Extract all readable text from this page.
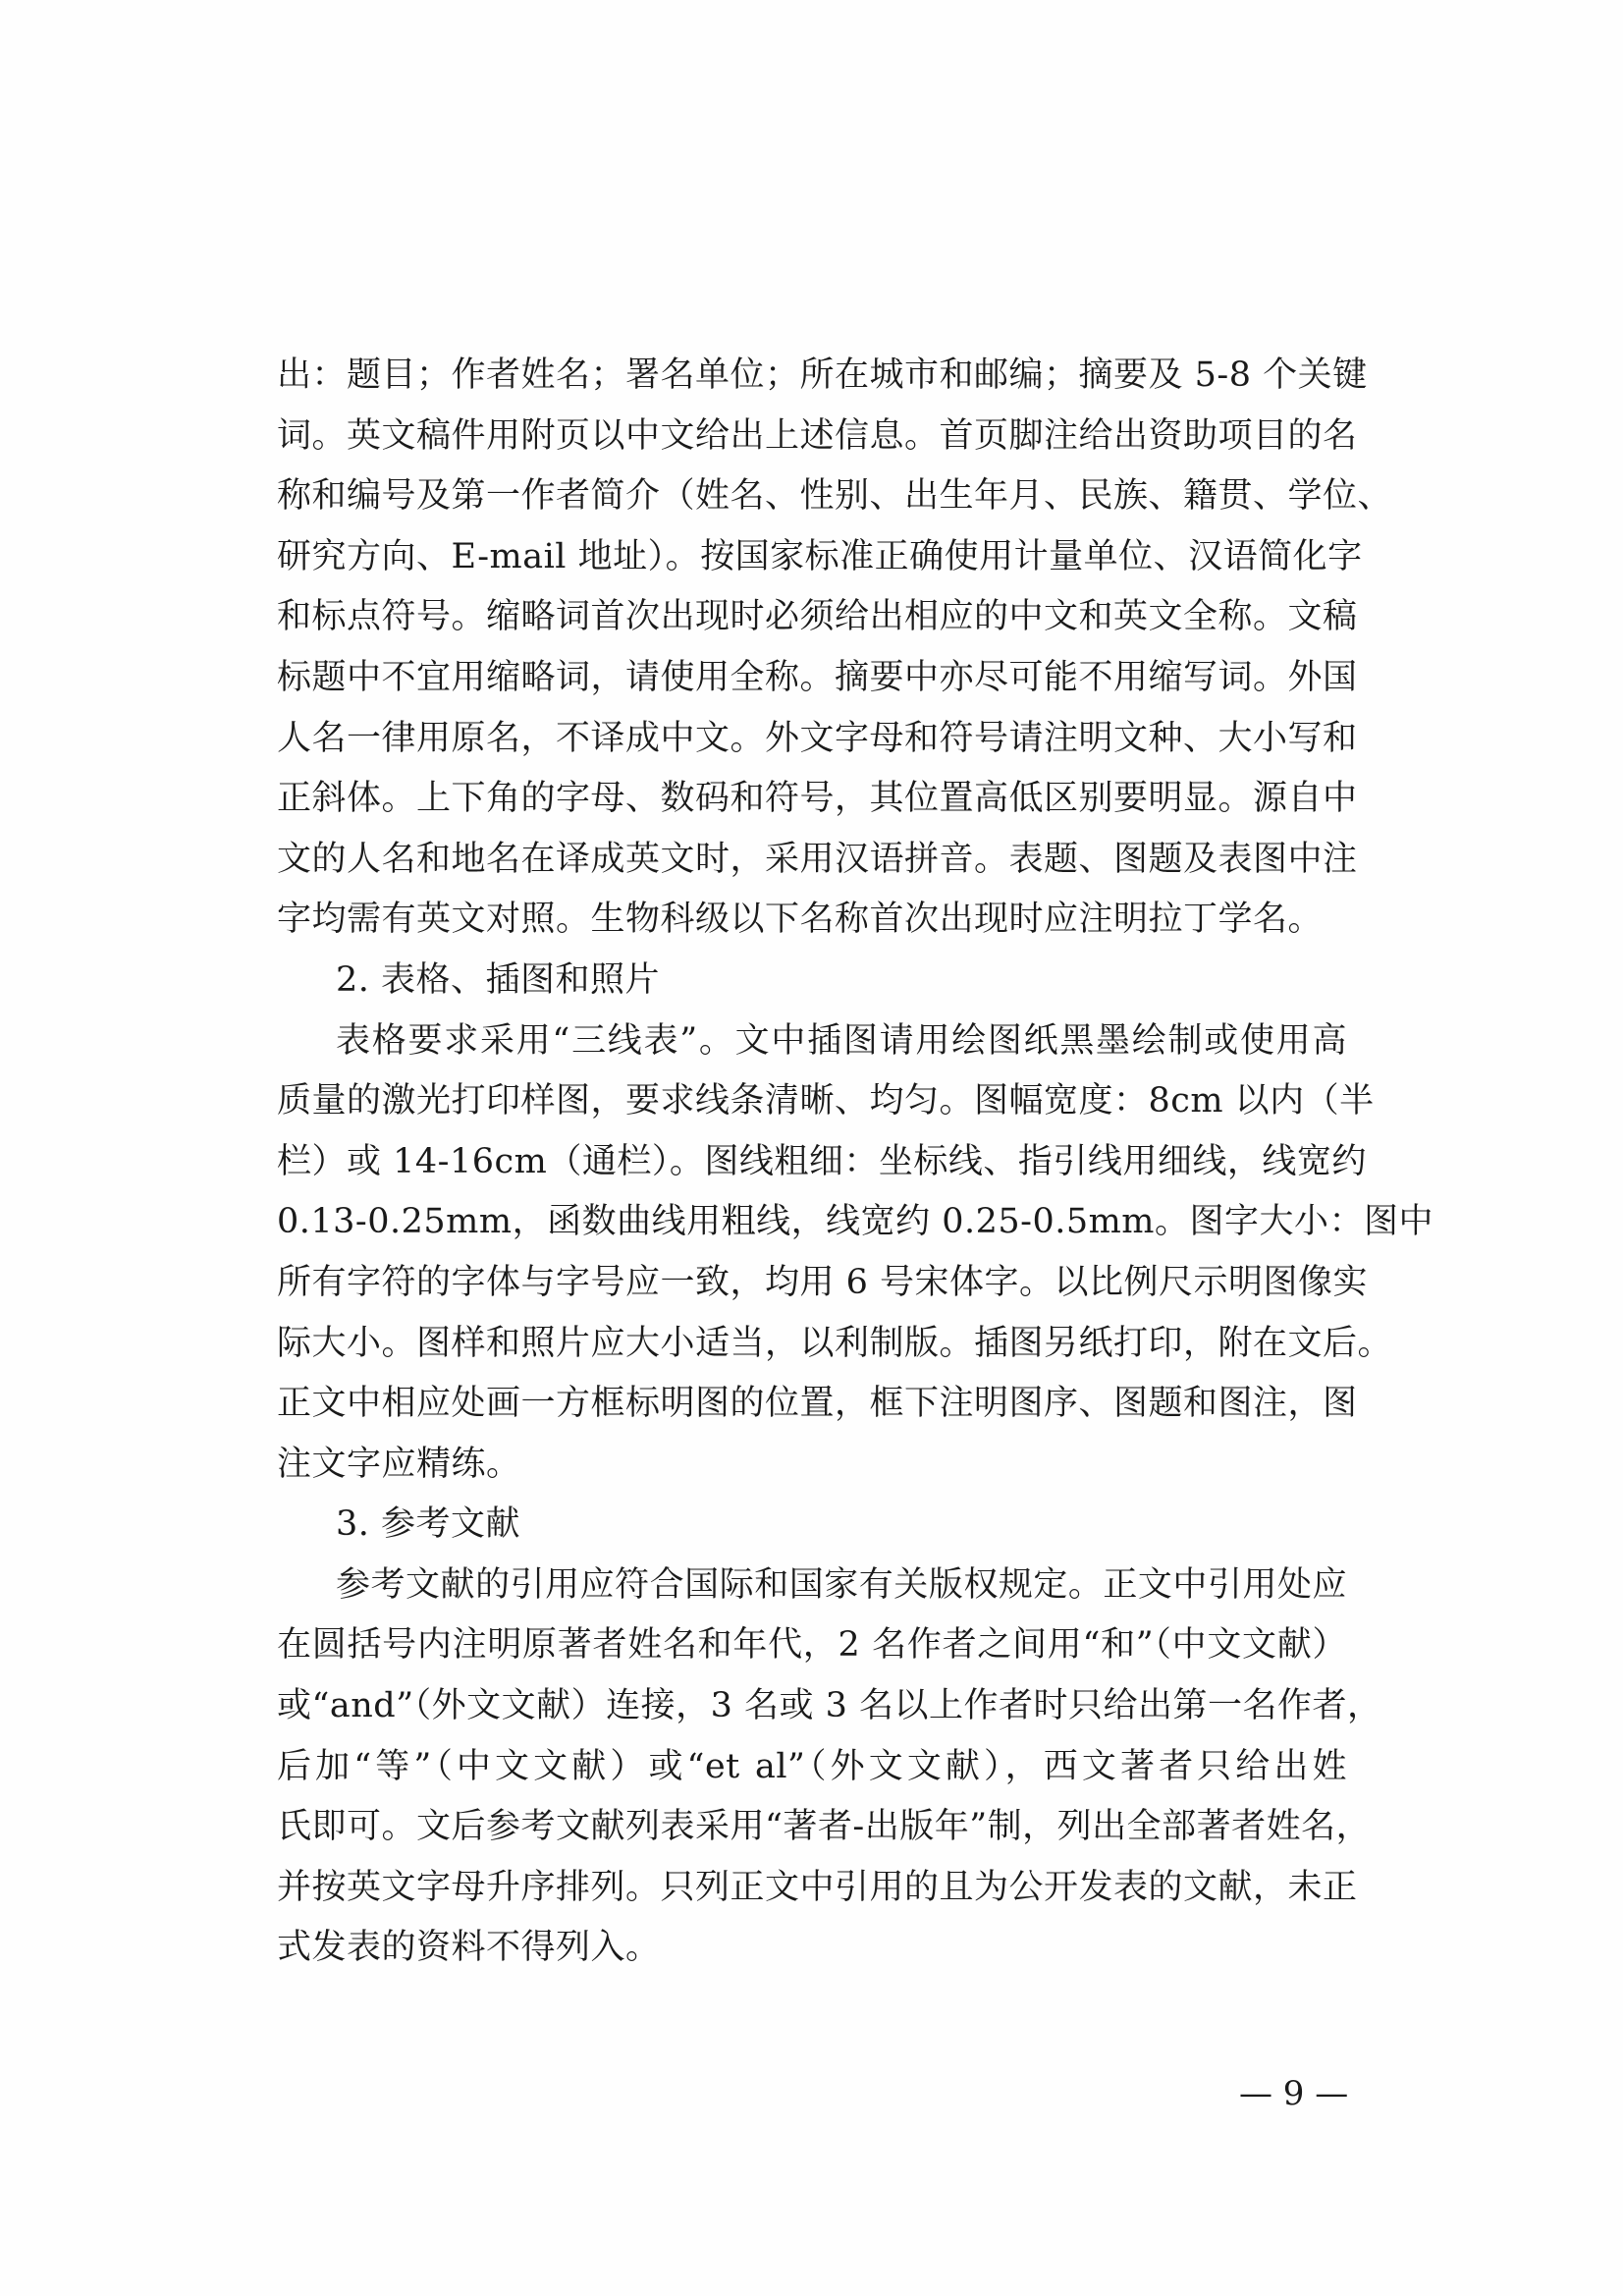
出：题目；作者姓名；署名单位；所在城市和邮编；摘要及 5-8 个关键
词。英文稿件用附页以中文给出上述信息。首页脚注给出资助项目的名
称和编号及第一作者简介（姓名、性别、出生年月、民族、籍贯、学位、
研究方向、E-mail 地址）。按国家标准正确使用计量单位、汉语简化字
和标点符号。缩略词首次出现时必须给出相应的中文和英文全称。文稿
标题中不宜用缩略词，请使用全称。摘要中亦尽可能不用缩写词。外国
人名一律用原名，不译成中文。外文字母和符号请注明文种、大小写和
正斜体。上下角的字母、数码和符号，其位置高低区别要明显。源自中
文的人名和地名在译成英文时，采用汉语拼音。表题、图题及表图中注
字均需有英文对照。生物科级以下名称首次出现时应注明拉丁学名。
2. 表格、插图和照片
表格要求采用“三线表”。文中插图请用绘图纸黑墨绘制或使用高
质量的激光打印样图，要求线条清晰、均匀。图幅宽度：8cm 以内（半
栏）或 14-16cm（通栏）。图线粗细：坐标线、指引线用细线，线宽约
0.13-0.25mm，函数曲线用粗线，线宽约 0.25-0.5mm。图字大小：图中
所有字符的字体与字号应一致，均用 6 号宋体字。以比例尺示明图像实
际大小。图样和照片应大小适当，以利制版。插图另纸打印，附在文后。
正文中相应处画一方框标明图的位置，框下注明图序、图题和图注，图
注文字应精练。
3. 参考文献
参考文献的引用应符合国际和国家有关版权规定。正文中引用处应
在圆括号内注明原著者姓名和年代，2 名作者之间用“和”（中文文献）
或“and”（外文文献）连接，3 名或 3 名以上作者时只给出第一名作者，
后加“等”（中文文献）或“et al”（外文文献），西文著者只给出姓
氏即可。文后参考文献列表采用“著者-出版年”制，列出全部著者姓名，
并按英文字母升序排列。只列正文中引用的且为公开发表的文献，未正
式发表的资料不得列入。
— 9 —
